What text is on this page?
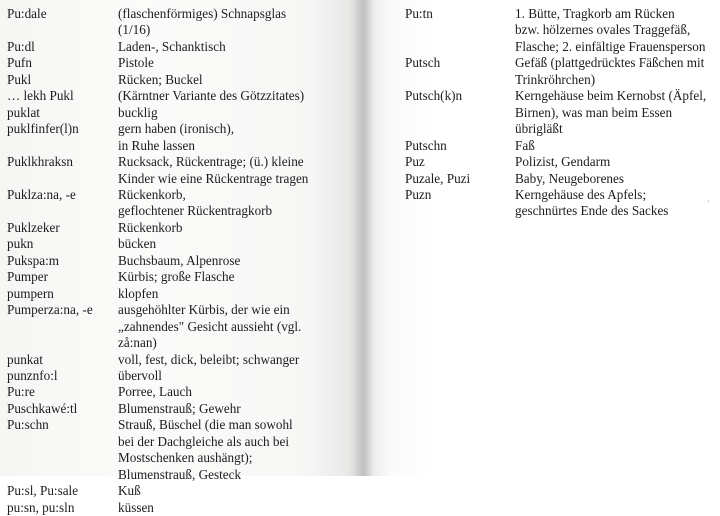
Pu:dale	(flaschenförmiges) Schnapsglas
(1/16)
Pu:dl	Laden-, Schanktisch
Pufn	Pistole
Pukl	Rücken; Buckel
… lekh Pukl	(Kärntner Variante des Götzzitates)
puklat	bucklig
puklfinfer(l)n	gern haben (ironisch),
in Ruhe lassen
Puklkhraksn	Rucksack, Rückentrage; (ü.) kleine
Kinder wie eine Rückentrage tragen
Puklza:na, -e	Rückenkorb,
geflochtener Rückentragkorb
Puklzeker	Rückenkorb
pukn	bücken
Pukspa:m	Buchsbaum, Alpenrose
Pumper	Kürbis; große Flasche
pumpern	klopfen
Pumperza:na, -e	ausgehöhlter Kürbis, der wie ein
„zahnendes" Gesicht aussieht (vgl.
zå:nan)
punkat	voll, fest, dick, beleibt; schwanger
punznfo:l	übervoll
Pu:re	Porree, Lauch
Puschkawé:tl	Blumenstrauß; Gewehr
Pu:schn	Strauß, Büschel (die man sowohl
bei der Dachgleiche als auch bei
Mostschenken aushängt);
Blumenstrauß, Gesteck
Pu:sl, Pu:sale	Kuß
pu:sn, pu:sln	küssen
Pu:tn	1. Bütte, Tragkorb am Rücken
bzw. hölzernes ovales Traggefäß,
Flasche; 2. einfältige Frauensperson
Putsch	Gefäß (plattgedrücktes Fäßchen mit
Trinkröhrchen)
Putsch(k)n	Kerngehäuse beim Kernobst (Äpfel,
Birnen), was man beim Essen
übrigläßt
Putschn	Faß
Puz	Polizist, Gendarm
Puzale, Puzi	Baby, Neugeborenes
Puzn	Kerngehäuse des Apfels;
geschnürtes Ende des Sackes
